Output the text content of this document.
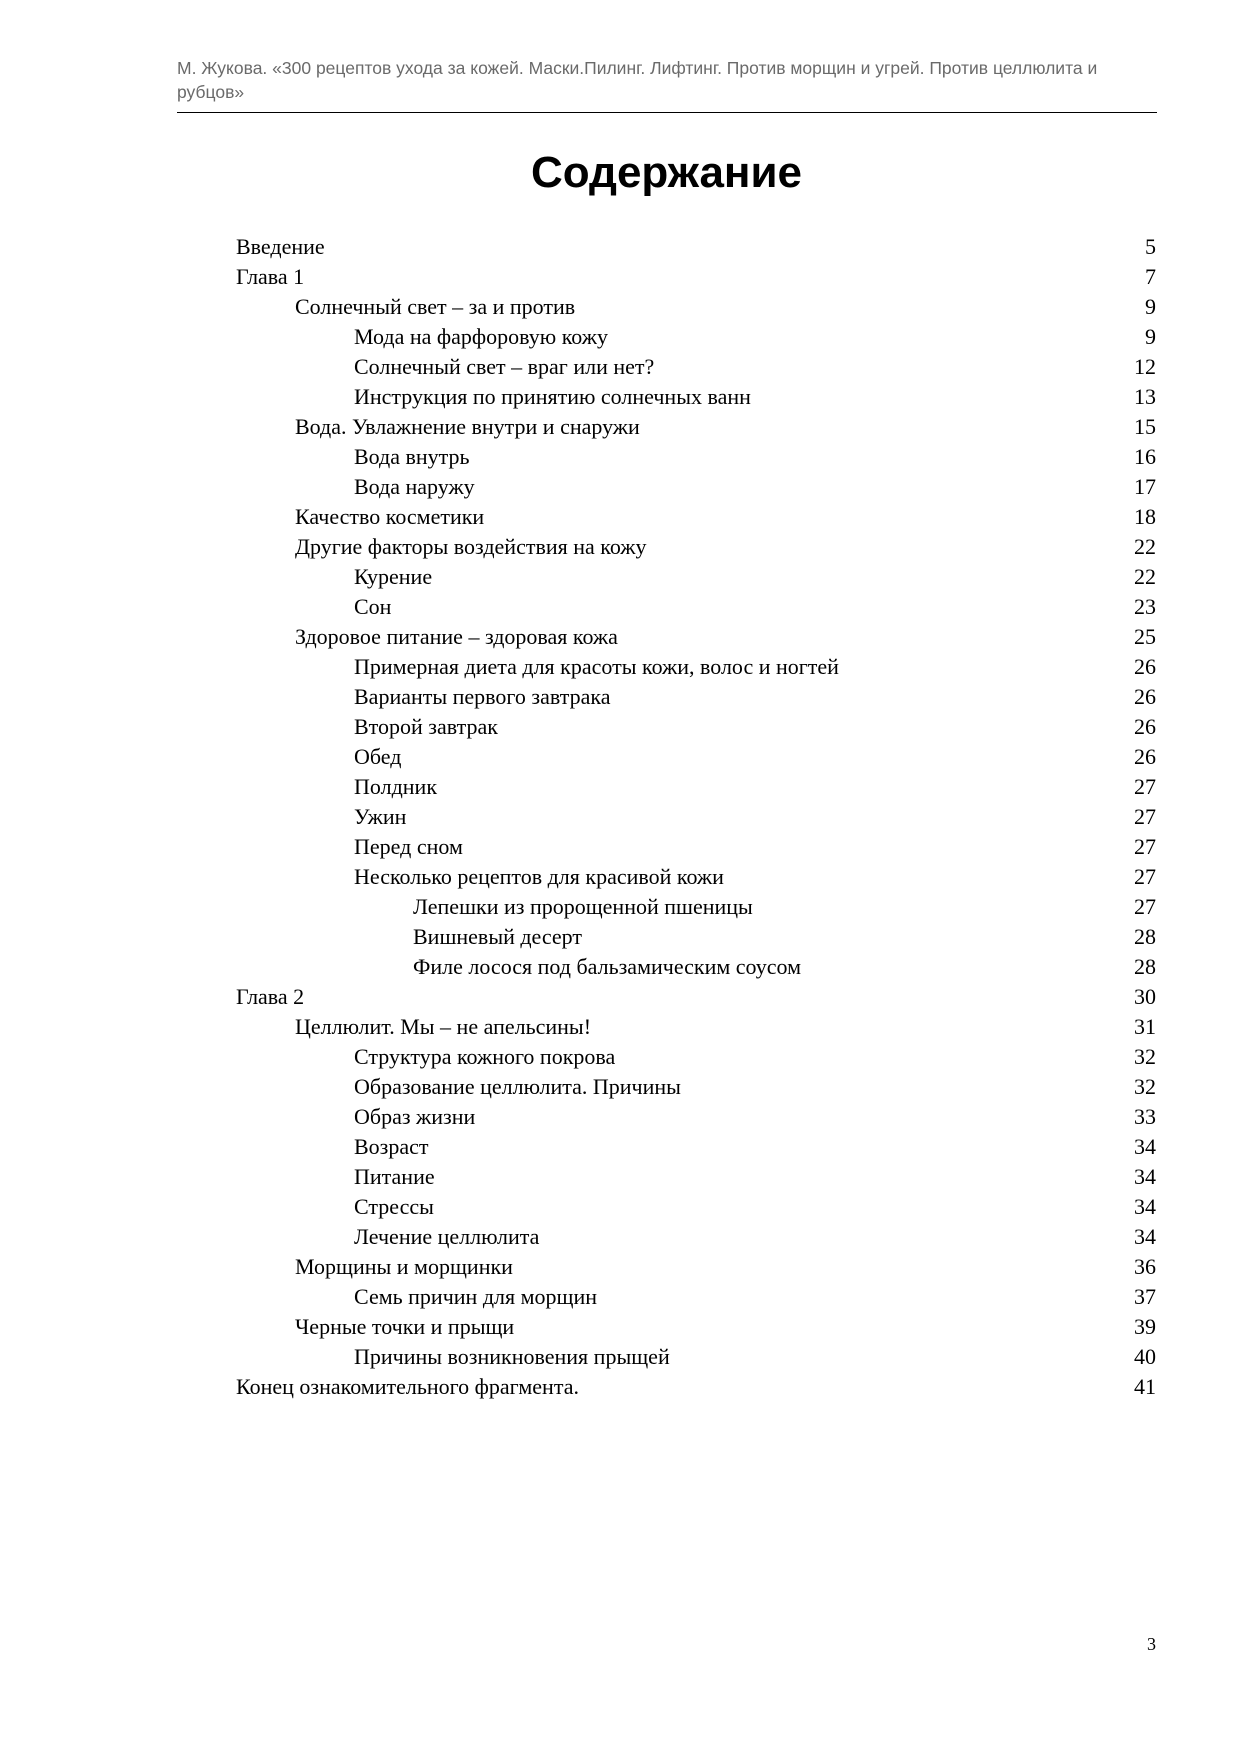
М. Жукова. «300 рецептов ухода за кожей. Маски.Пилинг. Лифтинг. Против морщин и угрей. Против целлюлита и рубцов»
Содержание
Введение	5
Глава 1	7
Солнечный свет – за и против	9
Мода на фарфоровую кожу	9
Солнечный свет – враг или нет?	12
Инструкция по принятию солнечных ванн	13
Вода. Увлажнение внутри и снаружи	15
Вода внутрь	16
Вода наружу	17
Качество косметики	18
Другие факторы воздействия на кожу	22
Курение	22
Сон	23
Здоровое питание – здоровая кожа	25
Примерная диета для красоты кожи, волос и ногтей	26
Варианты первого завтрака	26
Второй завтрак	26
Обед	26
Полдник	27
Ужин	27
Перед сном	27
Несколько рецептов для красивой кожи	27
Лепешки из пророщенной пшеницы	27
Вишневый десерт	28
Филе лосося под бальзамическим соусом	28
Глава 2	30
Целлюлит. Мы – не апельсины!	31
Структура кожного покрова	32
Образование целлюлита. Причины	32
Образ жизни	33
Возраст	34
Питание	34
Стрессы	34
Лечение целлюлита	34
Морщины и морщинки	36
Семь причин для морщин	37
Черные точки и прыщи	39
Причины возникновения прыщей	40
Конец ознакомительного фрагмента.	41
3
